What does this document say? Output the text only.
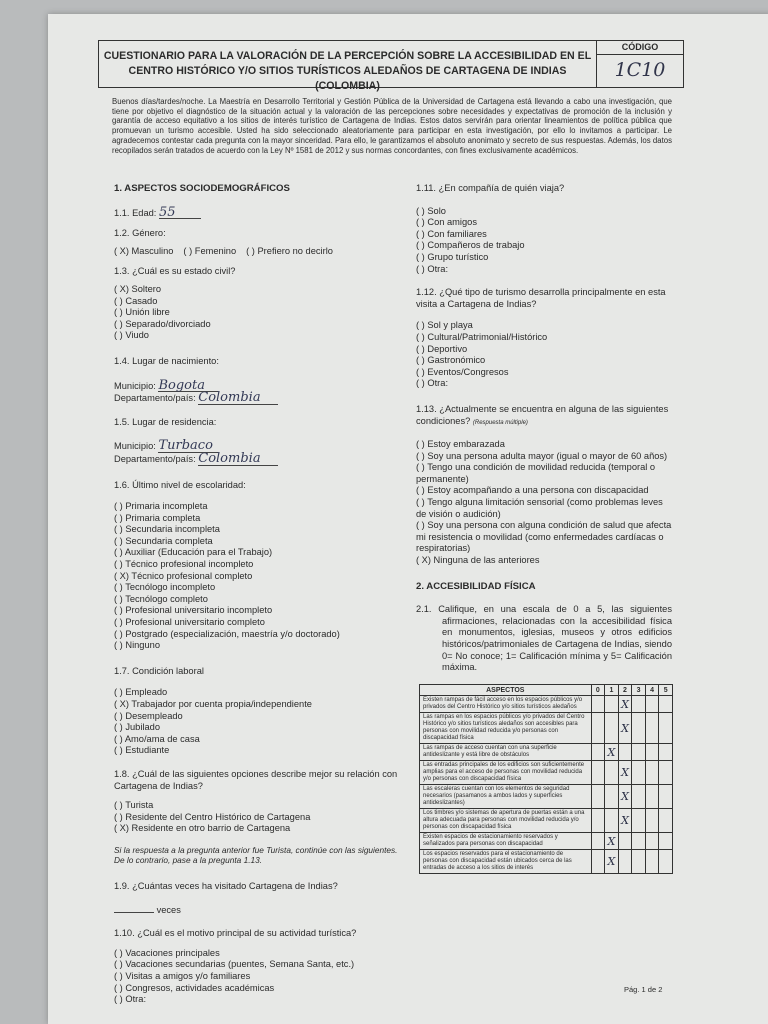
CUESTIONARIO PARA LA VALORACIÓN DE LA PERCEPCIÓN SOBRE LA ACCESIBILIDAD EN EL
CENTRO HISTÓRICO Y/O SITIOS TURÍSTICOS ALEDAÑOS DE CARTAGENA DE INDIAS (COLOMBIA)
CÓDIGO
1C10
Buenos días/tardes/noche. La Maestría en Desarrollo Territorial y Gestión Pública de la Universidad de Cartagena está llevando a cabo una investigación, que tiene por objetivo el diagnóstico de la situación actual y la valoración de las percepciones sobre necesidades y expectativas de promoción de la inclusión y garantía de acceso equitativo a los sitios de interés turístico de Cartagena de Indias. Estos datos servirán para orientar lineamientos de política pública que promuevan un turismo accesible. Usted ha sido seleccionado aleatoriamente para participar en esta investigación, por ello lo invitamos a participar. Le agradecemos contestar cada pregunta con la mayor sinceridad. Para ello, le garantizamos el absoluto anonimato y secreto de sus respuestas. Además, los datos recopilados serán tratados de acuerdo con la Ley Nº 1581 de 2012 y sus normas concordantes, con fines exclusivamente académicos.
1. ASPECTOS SOCIODEMOGRÁFICOS
1.1. Edad: 55
1.2. Género:
( X) Masculino ( ) Femenino ( ) Prefiero no decirlo
1.3. ¿Cuál es su estado civil?
( X) Soltero
( ) Casado
( ) Unión libre
( ) Separado/divorciado
( ) Viudo
1.4. Lugar de nacimiento:
Municipio: Bogota
Departamento/país: Colombia
1.5. Lugar de residencia:
Municipio: Turbaco
Departamento/país: Colombia
1.6. Último nivel de escolaridad:
( ) Primaria incompleta
( ) Primaria completa
( ) Secundaria incompleta
( ) Secundaria completa
( ) Auxiliar (Educación para el Trabajo)
( ) Técnico profesional incompleto
( X) Técnico profesional completo
( ) Tecnólogo incompleto
( ) Tecnólogo completo
( ) Profesional universitario incompleto
( ) Profesional universitario completo
( ) Postgrado (especialización, maestría y/o doctorado)
( ) Ninguno
1.7. Condición laboral
( ) Empleado
( X) Trabajador por cuenta propia/independiente
( ) Desempleado
( ) Jubilado
( ) Amo/ama de casa
( ) Estudiante
1.8. ¿Cuál de las siguientes opciones describe mejor su relación con Cartagena de Indias?
( ) Turista
( ) Residente del Centro Histórico de Cartagena
( X) Residente en otro barrio de Cartagena
Si la respuesta a la pregunta anterior fue Turista, continúe con las siguientes. De lo contrario, pase a la pregunta 1.13.
1.9. ¿Cuántas veces ha visitado Cartagena de Indias?
veces
1.10. ¿Cuál es el motivo principal de su actividad turística?
( ) Vacaciones principales
( ) Vacaciones secundarias (puentes, Semana Santa, etc.)
( ) Visitas a amigos y/o familiares
( ) Congresos, actividades académicas
( ) Otra:
1.11. ¿En compañía de quién viaja?
( ) Solo
( ) Con amigos
( ) Con familiares
( ) Compañeros de trabajo
( ) Grupo turístico
( ) Otra:
1.12. ¿Qué tipo de turismo desarrolla principalmente en esta visita a Cartagena de Indias?
( ) Sol y playa
( ) Cultural/Patrimonial/Histórico
( ) Deportivo
( ) Gastronómico
( ) Eventos/Congresos
( ) Otra:
1.13. ¿Actualmente se encuentra en alguna de las siguientes condiciones? (Respuesta múltiple)
( ) Estoy embarazada
( ) Soy una persona adulta mayor (igual o mayor de 60 años)
( ) Tengo una condición de movilidad reducida (temporal o permanente)
( ) Estoy acompañando a una persona con discapacidad
( ) Tengo alguna limitación sensorial (como problemas leves de visión o audición)
( ) Soy una persona con alguna condición de salud que afecta mi resistencia o movilidad (como enfermedades cardíacas o respiratorias)
( X) Ninguna de las anteriores
2. ACCESIBILIDAD FÍSICA
2.1. Califique, en una escala de 0 a 5, las siguientes afirmaciones, relacionadas con la accesibilidad física en monumentos, iglesias, museos y otros edificios históricos/patrimoniales de Cartagena de Indias, siendo 0= No conoce; 1= Calificación mínima y 5= Calificación máxima.
ASPECTOS	0	1	2	3	4	5
Existen rampas de fácil acceso en los espacios públicos y/o privados del Centro Histórico y/o sitios turísticos aledaños			X			
Las rampas en los espacios públicos y/o privados del Centro Histórico y/o sitios turísticos aledaños son accesibles para personas con movilidad reducida y/o personas con discapacidad física			X			
Las rampas de acceso cuentan con una superficie antideslizante y está libre de obstáculos		X				
Las entradas principales de los edificios son suficientemente amplias para el acceso de personas con movilidad reducida y/o personas con discapacidad física			X			
Las escaleras cuentan con los elementos de seguridad necesarios (pasamanos a ambos lados y superficies antideslizantes)			X			
Los timbres y/o sistemas de apertura de puertas están a una altura adecuada para personas con movilidad reducida y/o personas con discapacidad física			X			
Existen espacios de estacionamiento reservados y señalizados para personas con discapacidad		X				
Los espacios reservados para el estacionamiento de personas con discapacidad están ubicados cerca de las entradas de acceso a los sitios de interés		X				
Pág. 1 de 2
